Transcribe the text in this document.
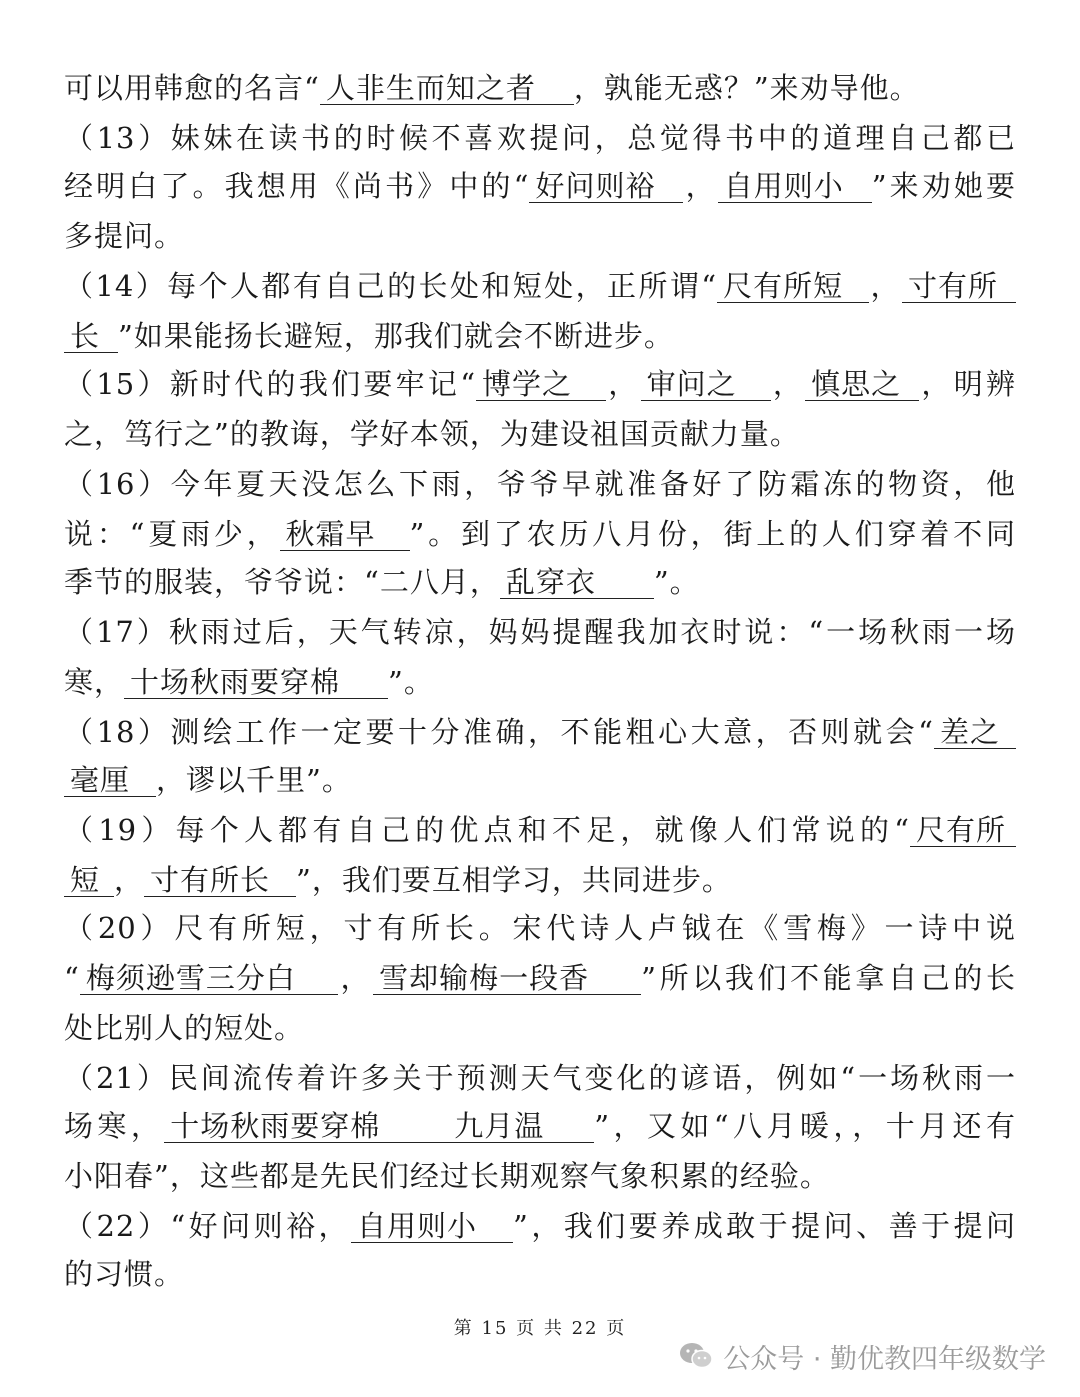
可以用韩愈的名言“ 人非生而知之者 ，孰能无惑？”来劝导他。
（13）妹妹在读书的时候不喜欢提问，总觉得书中的道理自己都已
经明白了。我想用《尚书》中的“ 好问则裕 ， 自用则小 ”来劝她要
多提问。
（14）每个人都有自己的长处和短处，正所谓“ 尺有所短 ， 寸有所
长 ”如果能扬长避短，那我们就会不断进步。
（15）新时代的我们要牢记“ 博学之 ， 审问之 ， 慎思之 ，明辨
之，笃行之”的教诲，学好本领，为建设祖国贡献力量。
（16）今年夏天没怎么下雨，爷爷早就准备好了防霜冻的物资，他
说：“夏雨少， 秋霜早 ”。到了农历八月份，街上的人们穿着不同
季节的服装，爷爷说：“二八月， 乱穿衣 ”。
（17）秋雨过后，天气转凉，妈妈提醒我加衣时说：“一场秋雨一场
寒， 十场秋雨要穿棉 ”。
（18）测绘工作一定要十分准确，不能粗心大意，否则就会“ 差之
毫厘 ，谬以千里”。
（19）每个人都有自己的优点和不足，就像人们常说的“ 尺有所
短 ， 寸有所长 ”，我们要互相学习，共同进步。
（20）尺有所短，寸有所长。宋代诗人卢钺在《雪梅》一诗中说
“ 梅须逊雪三分白 ， 雪却输梅一段香 ”所以我们不能拿自己的长
处比别人的短处。
（21）民间流传着许多关于预测天气变化的谚语，例如“一场秋雨一
场寒， 十场秋雨要穿棉	九月温 ”，又如“八月暖，，十月还有
小阳春”，这些都是先民们经过长期观察气象积累的经验。
（22）“好问则裕， 自用则小 ”，我们要养成敢于提问、善于提问
的习惯。
第 15 页 共 22 页
公众号 · 勤优教四年级数学
